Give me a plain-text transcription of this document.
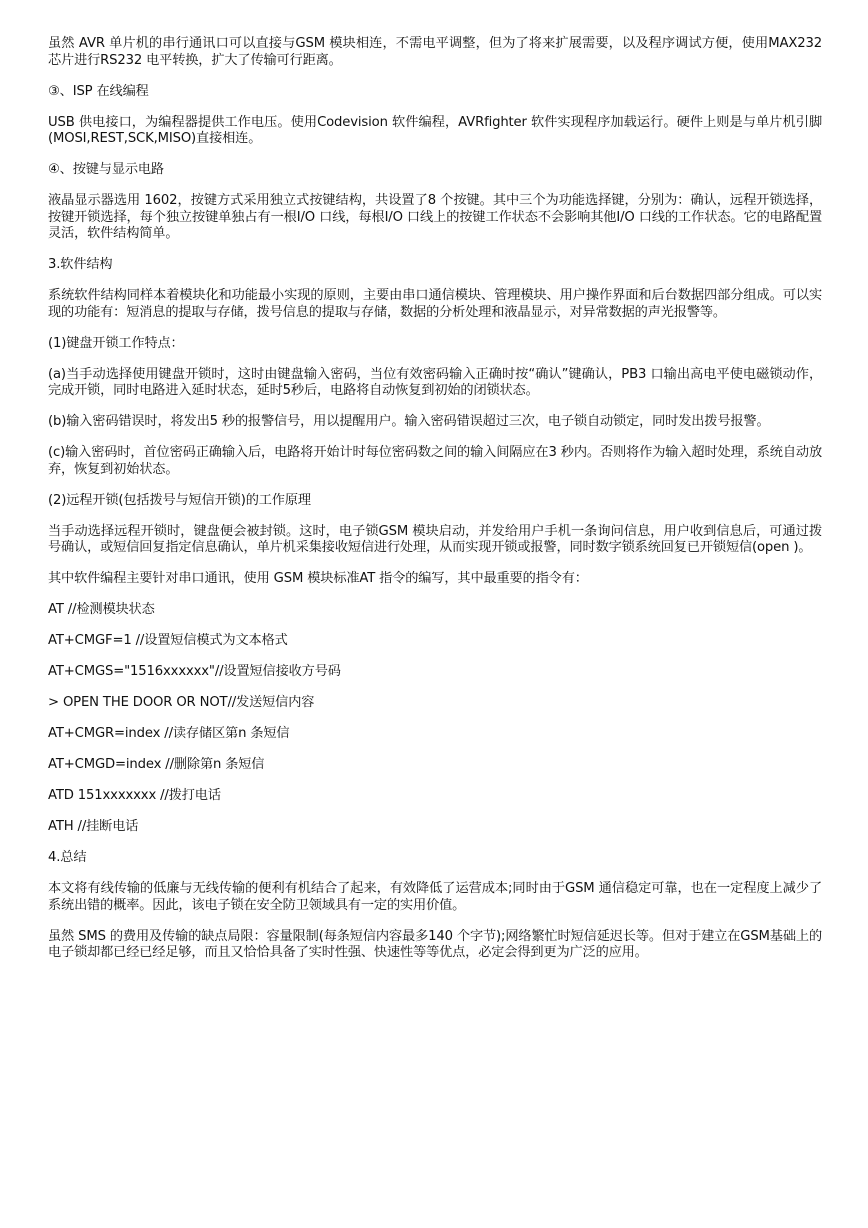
虽然 AVR 单片机的串行通讯口可以直接与GSM 模块相连，不需电平调整，但为了将来扩展需要，以及程序调试方便，使用MAX232 芯片进行RS232 电平转换，扩大了传输可行距离。

③、ISP 在线编程

USB 供电接口，为编程器提供工作电压。使用Codevision 软件编程，AVRfighter 软件实现程序加载运行。硬件上则是与单片机引脚(MOSI,REST,SCK,MISO)直接相连。

④、按键与显示电路

液晶显示器选用 1602，按键方式采用独立式按键结构，共设置了8 个按键。其中三个为功能选择键，分别为：确认，远程开锁选择，按键开锁选择，每个独立按键单独占有一根I/O 口线，每根I/O 口线上的按键工作状态不会影响其他I/O 口线的工作状态。它的电路配置灵活，软件结构简单。

3.软件结构

系统软件结构同样本着模块化和功能最小实现的原则，主要由串口通信模块、管理模块、用户操作界面和后台数据四部分组成。可以实现的功能有：短消息的提取与存储，拨号信息的提取与存储，数据的分析处理和液晶显示，对异常数据的声光报警等。

(1)键盘开锁工作特点：

(a)当手动选择使用键盘开锁时，这时由键盘输入密码，当位有效密码输入正确时按“确认”键确认，PB3 口输出高电平使电磁锁动作，完成开锁，同时电路进入延时状态，延时5秒后，电路将自动恢复到初始的闭锁状态。

(b)输入密码错误时，将发出5 秒的报警信号，用以提醒用户。输入密码错误超过三次，电子锁自动锁定，同时发出拨号报警。

(c)输入密码时，首位密码正确输入后，电路将开始计时每位密码数之间的输入间隔应在3 秒内。否则将作为输入超时处理，系统自动放弃，恢复到初始状态。

(2)远程开锁(包括拨号与短信开锁)的工作原理

当手动选择远程开锁时，键盘便会被封锁。这时，电子锁GSM 模块启动，并发给用户手机一条询问信息，用户收到信息后，可通过拨号确认，或短信回复指定信息确认，单片机采集接收短信进行处理，从而实现开锁或报警，同时数字锁系统回复已开锁短信(open )。

其中软件编程主要针对串口通讯，使用 GSM 模块标准AT 指令的编写，其中最重要的指令有：

AT //检测模块状态

AT+CMGF=1 //设置短信模式为文本格式

AT+CMGS="1516xxxxxx"//设置短信接收方号码

> OPEN THE DOOR OR NOT//发送短信内容

AT+CMGR=index //读存储区第n 条短信

AT+CMGD=index //删除第n 条短信

ATD 151xxxxxxx //拨打电话

ATH //挂断电话

4.总结

本文将有线传输的低廉与无线传输的便利有机结合了起来，有效降低了运营成本;同时由于GSM 通信稳定可靠，也在一定程度上减少了系统出错的概率。因此，该电子锁在安全防卫领域具有一定的实用价值。

虽然 SMS 的费用及传输的缺点局限：容量限制(每条短信内容最多140 个字节);网络繁忙时短信延迟长等。但对于建立在GSM基础上的电子锁却都已经已经足够，而且又恰恰具备了实时性强、快速性等等优点，必定会得到更为广泛的应用。
